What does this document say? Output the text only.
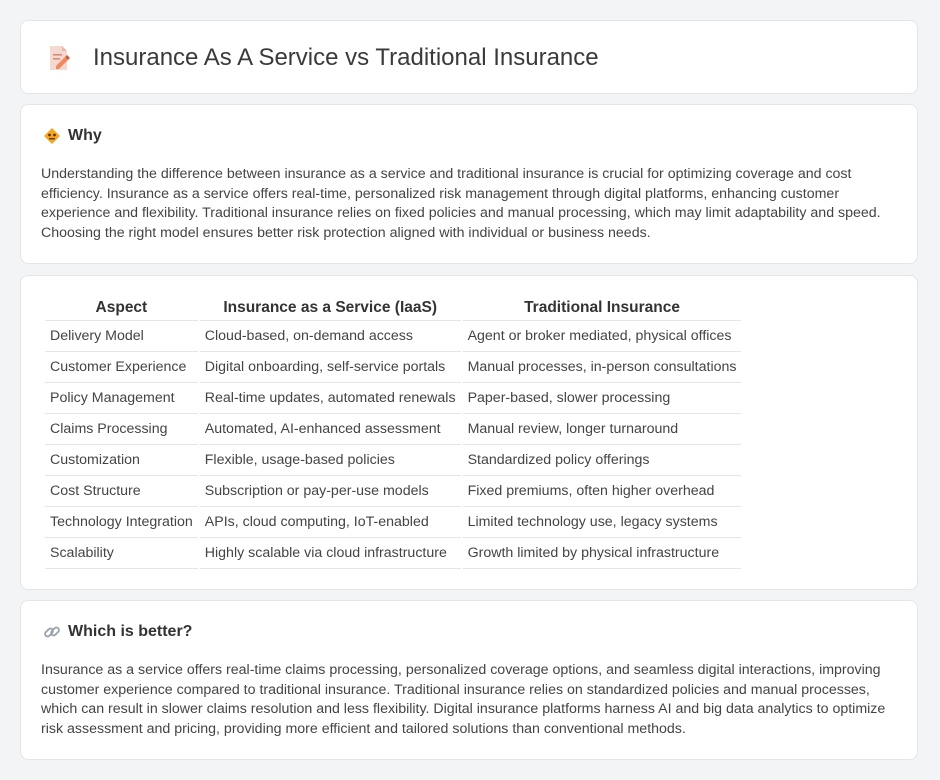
Insurance As A Service vs Traditional Insurance
Why

Understanding the difference between insurance as a service and traditional insurance is crucial for optimizing coverage and cost efficiency. Insurance as a service offers real-time, personalized risk management through digital platforms, enhancing customer experience and flexibility. Traditional insurance relies on fixed policies and manual processing, which may limit adaptability and speed. Choosing the right model ensures better risk protection aligned with individual or business needs.

Aspect	Insurance as a Service (IaaS)	Traditional Insurance
Delivery Model	Cloud-based, on-demand access	Agent or broker mediated, physical offices
Customer Experience	Digital onboarding, self-service portals	Manual processes, in-person consultations
Policy Management	Real-time updates, automated renewals	Paper-based, slower processing
Claims Processing	Automated, AI-enhanced assessment	Manual review, longer turnaround
Customization	Flexible, usage-based policies	Standardized policy offerings
Cost Structure	Subscription or pay-per-use models	Fixed premiums, often higher overhead
Technology Integration	APIs, cloud computing, IoT-enabled	Limited technology use, legacy systems
Scalability	Highly scalable via cloud infrastructure	Growth limited by physical infrastructure
Which is better?

Insurance as a service offers real-time claims processing, personalized coverage options, and seamless digital interactions, improving customer experience compared to traditional insurance. Traditional insurance relies on standardized policies and manual processes, which can result in slower claims resolution and less flexibility. Digital insurance platforms harness AI and big data analytics to optimize risk assessment and pricing, providing more efficient and tailored solutions than conventional methods.
